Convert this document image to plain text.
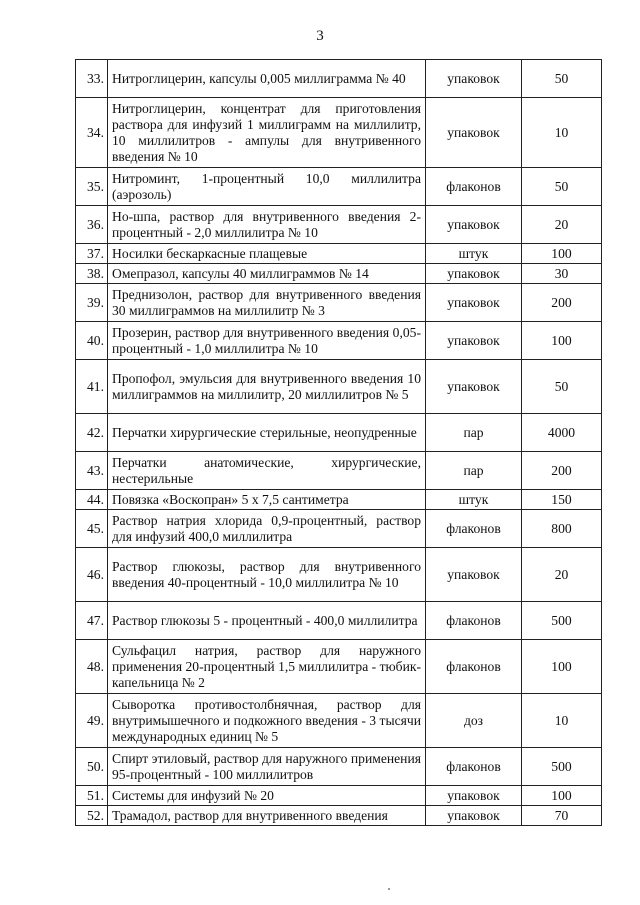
3
33.	Нитроглицерин, капсулы 0,005 миллиграмма № 40	упаковок	50
34.	Нитроглицерин, концентрат для приготовления раствора для инфузий 1 миллиграмм на миллилитр, 10 миллилитров - ампулы для внутривенного введения № 10	упаковок	10
35.	Нитроминт, 1-процентный 10,0 миллилитра (аэрозоль)	флаконов	50
36.	Но-шпа, раствор для внутривенного введения 2-процентный - 2,0 миллилитра № 10	упаковок	20
37.	Носилки бескаркасные плащевые	штук	100
38.	Омепразол, капсулы 40 миллиграммов № 14	упаковок	30
39.	Преднизолон, раствор для внутривенного введения 30 миллиграммов на миллилитр № 3	упаковок	200
40.	Прозерин, раствор для внутривенного введения 0,05-процентный - 1,0 миллилитра № 10	упаковок	100
41.	Пропофол, эмульсия для внутривенного введения 10 миллиграммов на миллилитр, 20 миллилитров № 5	упаковок	50
42.	Перчатки хирургические стерильные, неопудренные	пар	4000
43.	Перчатки анатомические, хирургические, нестерильные	пар	200
44.	Повязка «Воскопран» 5 х 7,5 сантиметра	штук	150
45.	Раствор натрия хлорида 0,9-процентный, раствор для инфузий 400,0 миллилитра	флаконов	800
46.	Раствор глюкозы, раствор для внутривенного введения 40-процентный - 10,0 миллилитра № 10	упаковок	20
47.	Раствор глюкозы 5 - процентный - 400,0 миллилитра	флаконов	500
48.	Сульфацил натрия, раствор для наружного применения 20-процентный 1,5 миллилитра - тюбик-капельница № 2	флаконов	100
49.	Сыворотка противостолбнячная, раствор для внутримышечного и подкожного введения - 3 тысячи международных единиц № 5	доз	10
50.	Спирт этиловый, раствор для наружного применения 95-процентный - 100 миллилитров	флаконов	500
51.	Системы для инфузий № 20	упаковок	100
52.	Трамадол, раствор для внутривенного введения	упаковок	70
